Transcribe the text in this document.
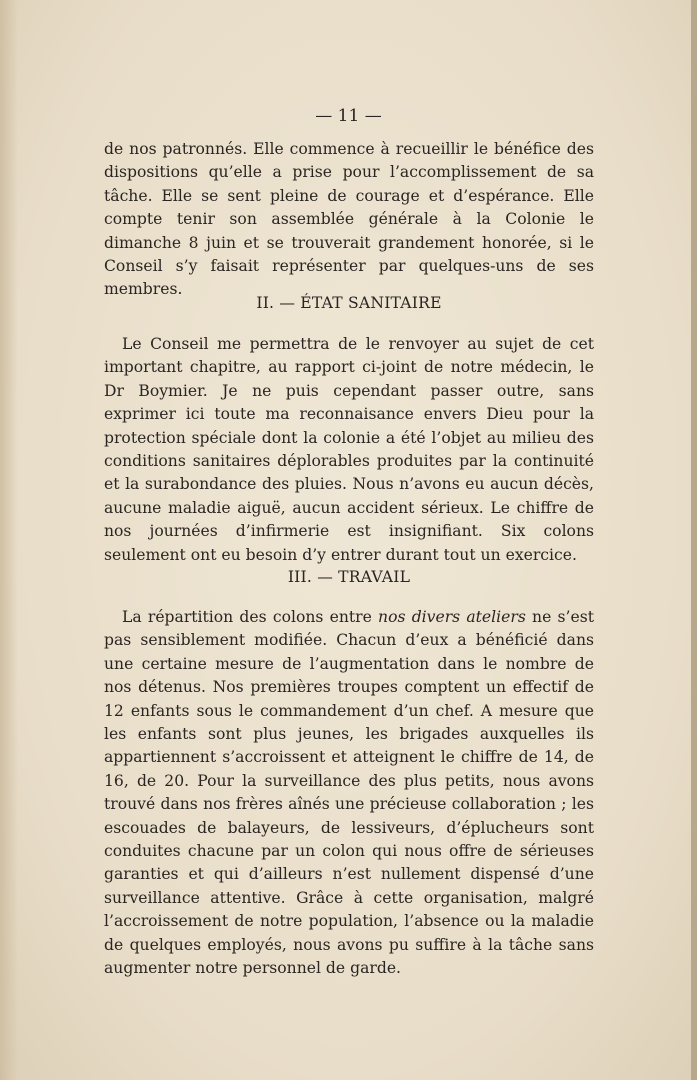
— 11 —

de nos patronnés. Elle commence à recueillir le bénéfice des dispositions qu’elle a prise pour l’accomplissement de sa tâche. Elle se sent pleine de courage et d’espérance. Elle compte tenir son assemblée générale à la Colonie le dimanche 8 juin et se trouverait grandement honorée, si le Conseil s’y faisait représenter par quelques-uns de ses membres.

II. — ÉTAT SANITAIRE

Le Conseil me permettra de le renvoyer au sujet de cet important chapitre, au rapport ci-joint de notre médecin, le Dr Boymier. Je ne puis cependant passer outre, sans exprimer ici toute ma reconnaisance envers Dieu pour la protection spéciale dont la colonie a été l’objet au milieu des conditions sanitaires déplorables produites par la continuité et la surabondance des pluies. Nous n’avons eu aucun décès, aucune maladie aiguë, aucun accident sérieux. Le chiffre de nos journées d’infirmerie est insignifiant. Six colons seulement ont eu besoin d’y entrer durant tout un exercice.

III. — TRAVAIL

La répartition des colons entre nos divers ateliers ne s’est pas sensiblement modifiée. Chacun d’eux a bénéficié dans une certaine mesure de l’augmentation dans le nombre de nos détenus. Nos premières troupes comptent un effectif de 12 enfants sous le commandement d’un chef. A mesure que les enfants sont plus jeunes, les brigades auxquelles ils appartiennent s’accroissent et atteignent le chiffre de 14, de 16, de 20. Pour la surveillance des plus petits, nous avons trouvé dans nos frères aînés une précieuse collaboration ; les escouades de balayeurs, de lessiveurs, d’éplucheurs sont conduites chacune par un colon qui nous offre de sérieuses garanties et qui d’ailleurs n’est nullement dispensé d’une surveillance attentive. Grâce à cette organisation, malgré l’accroissement de notre population, l’absence ou la maladie de quelques employés, nous avons pu suffire à la tâche sans augmenter notre personnel de garde.
